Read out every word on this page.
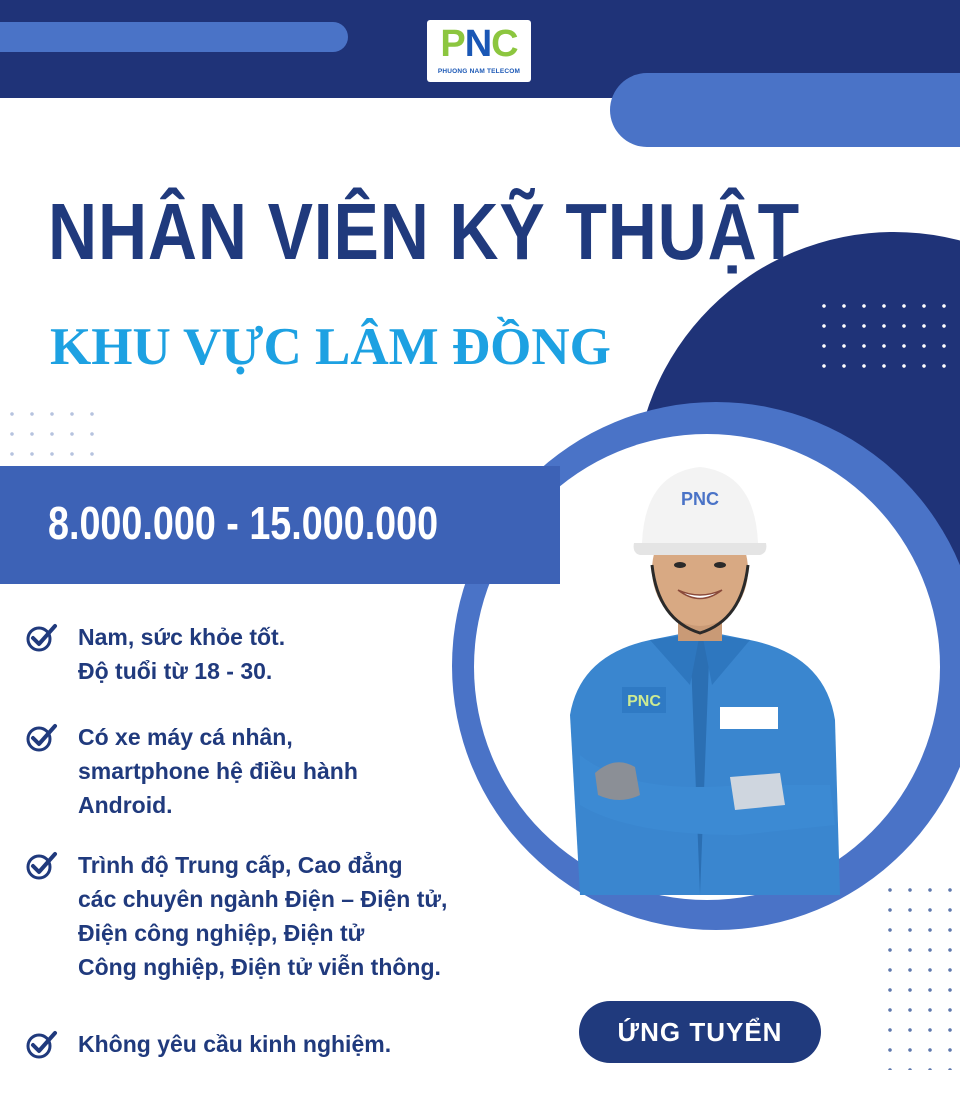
PNC
PHUONG NAM TELECOM
NHÂN VIÊN KỸ THUẬT
KHU VỰC LÂM ĐỒNG
8.000.000 - 15.000.000
PNC
PNC
Nam, sức khỏe tốt.
Độ tuổi từ 18 - 30.
Có xe máy cá nhân,
smartphone hệ điều hành
Android.
Trình độ Trung cấp, Cao đẳng
các chuyên ngành Điện – Điện tử,
Điện công nghiệp, Điện tử
Công nghiệp, Điện tử viễn thông.
Không yêu cầu kinh nghiệm.	ỨNG TUYỂN
